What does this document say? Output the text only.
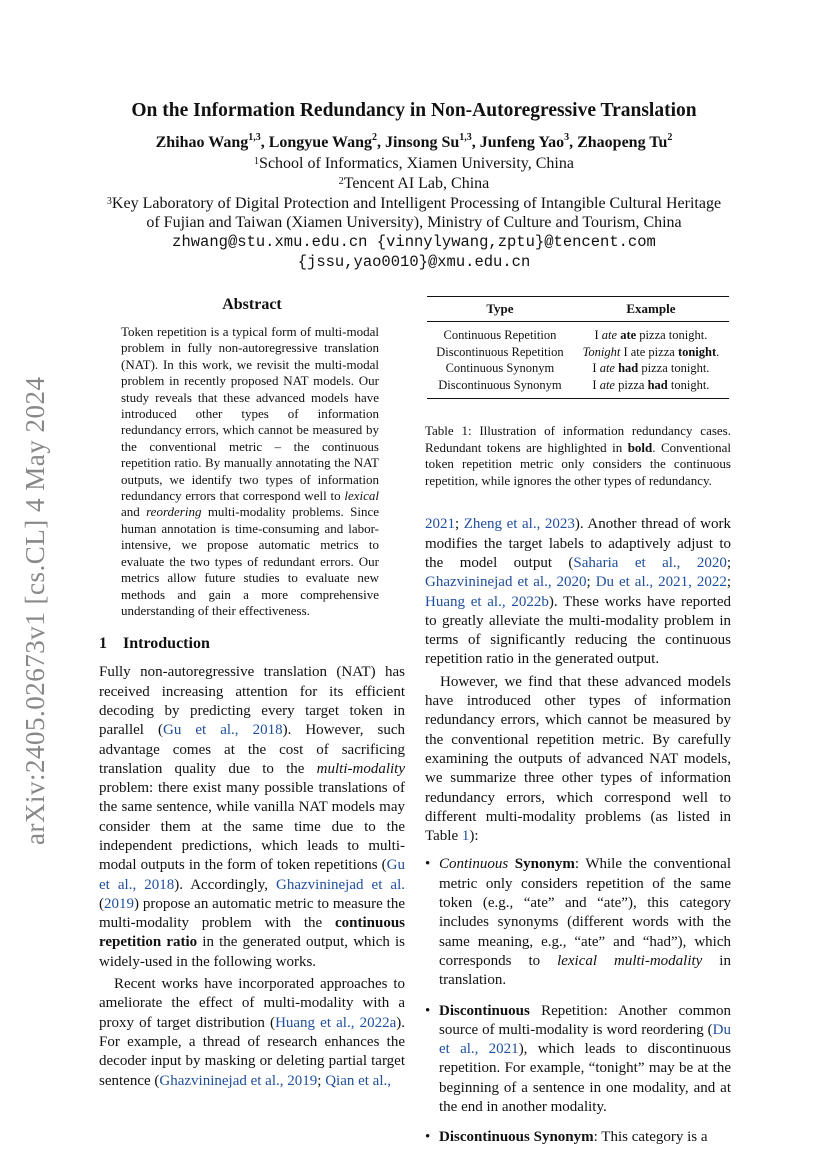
On the Information Redundancy in Non-Autoregressive Translation
Zhihao Wang$^{1,3}$, Longyue Wang$^2$, Jinsong Su$^{1,3}$, Junfeng Yao$^3$, Zhaopeng Tu$^2$
$^1$School of Informatics, Xiamen University, China
$^2$Tencent AI Lab, China
$^3$Key Laboratory of Digital Protection and Intelligent Processing of Intangible Cultural Heritage
of Fujian and Taiwan (Xiamen University), Ministry of Culture and Tourism, China
zhwang@stu.xmu.edu.cn {vinnylywang,zptu}@tencent.com
{jssu,yao0010}@xmu.edu.cn
arXiv:2405.02673v1 [cs.CL] 4 May 2024
Abstract
Token repetition is a typical form of multi-modal problem in fully non-autoregressive translation (NAT). In this work, we revisit the multi-modal problem in recently proposed NAT models. Our study reveals that these advanced models have introduced other types of information redundancy errors, which cannot be measured by the conventional metric – the continuous repetition ratio. By manually annotating the NAT outputs, we identify two types of information redundancy errors that correspond well to lexical and reordering multi-modality problems. Since human annotation is time-consuming and labor-intensive, we propose automatic metrics to evaluate the two types of redundant errors. Our metrics allow future studies to evaluate new methods and gain a more comprehensive understanding of their effectiveness.
1 Introduction

Fully non-autoregressive translation (NAT) has received increasing attention for its efficient decoding by predicting every target token in parallel (Gu et al., 2018). However, such advantage comes at the cost of sacrificing translation quality due to the multi-modality problem: there exist many possible translations of the same sentence, while vanilla NAT models may consider them at the same time due to the independent predictions, which leads to multi-modal outputs in the form of token repetitions (Gu et al., 2018). Accordingly, Ghazvininejad et al. (2019) propose an automatic metric to measure the multi-modality problem with the continuous repetition ratio in the generated output, which is widely-used in the following works.

Recent works have incorporated approaches to ameliorate the effect of multi-modality with a proxy of target distribution (Huang et al., 2022a). For example, a thread of research enhances the decoder input by masking or deleting partial target sentence (Ghazvininejad et al., 2019; Qian et al.,

Type	Example
Continuous Repetition	I ate ate pizza tonight.
Discontinuous Repetition	Tonight I ate pizza tonight.
Continuous Synonym	I ate had pizza tonight.
Discontinuous Synonym	I ate pizza had tonight.
Table 1: Illustration of information redundancy cases. Redundant tokens are highlighted in bold. Conventional token repetition metric only considers the continuous repetition, while ignores the other types of redundancy.

2021; Zheng et al., 2023). Another thread of work modifies the target labels to adaptively adjust to the model output (Saharia et al., 2020; Ghazvininejad et al., 2020; Du et al., 2021, 2022; Huang et al., 2022b). These works have reported to greatly alleviate the multi-modality problem in terms of significantly reducing the continuous repetition ratio in the generated output.

However, we find that these advanced models have introduced other types of information redundancy errors, which cannot be measured by the conventional repetition metric. By carefully examining the outputs of advanced NAT models, we summarize three other types of information redundancy errors, which correspond well to different multi-modality problems (as listed in Table 1):

• Continuous Synonym: While the conventional metric only considers repetition of the same token (e.g., “ate” and “ate”), this category includes synonyms (different words with the same meaning, e.g., “ate” and “had”), which corresponds to lexical multi-modality in translation.
• Discontinuous Repetition: Another common source of multi-modality is word reordering (Du et al., 2021), which leads to discontinuous repetition. For example, “tonight” may be at the beginning of a sentence in one modality, and at the end in another modality.
• Discontinuous Synonym: This category is a
